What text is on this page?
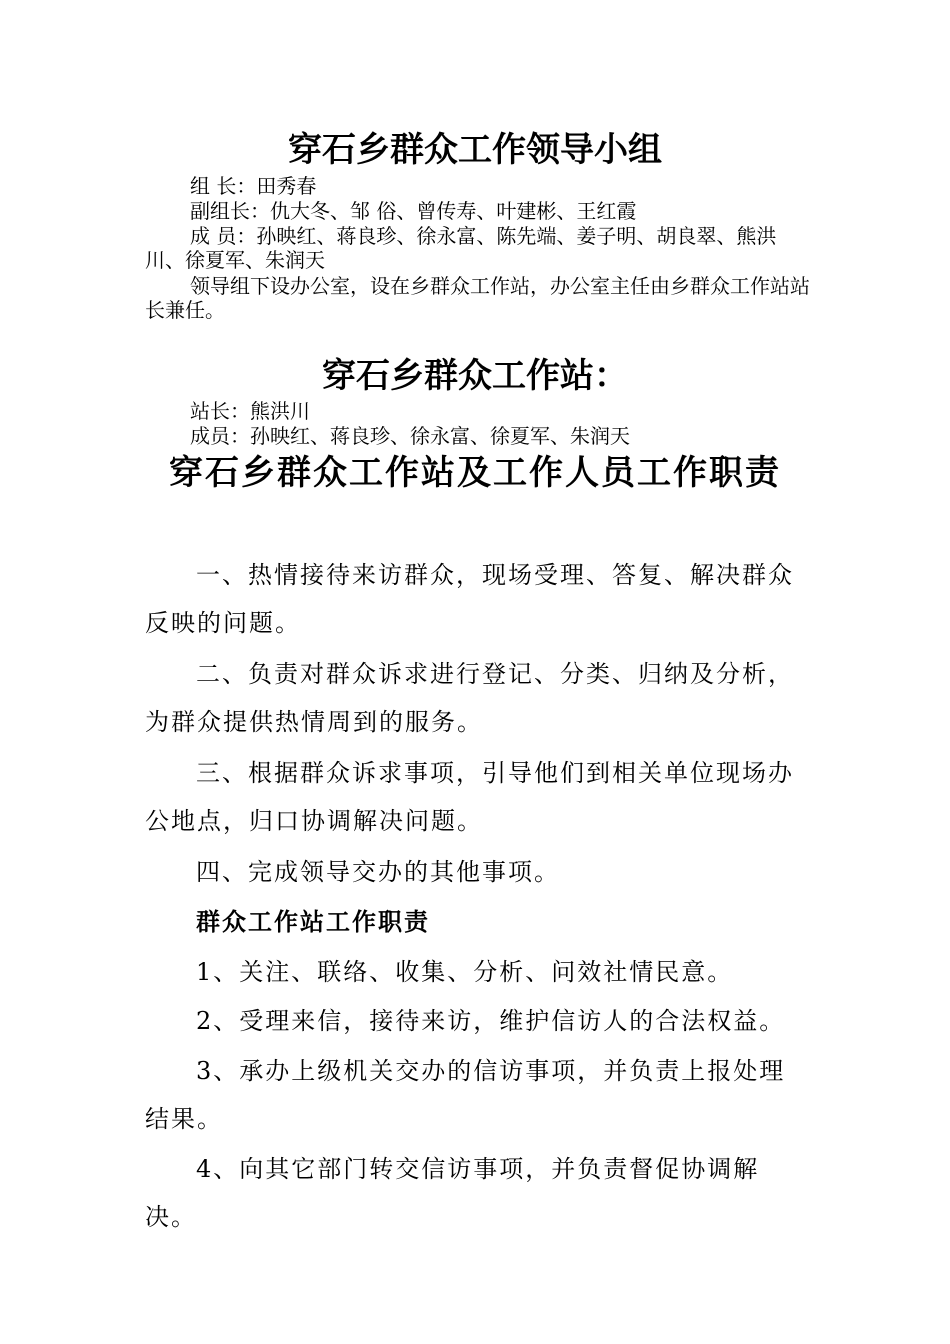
穿石乡群众工作领导小组
组 长：田秀春
副组长：仇大冬、邹 俗、曾传寿、叶建彬、王红霞
成 员：孙映红、蒋良珍、徐永富、陈先端、姜子明、胡良翠、熊洪川、徐夏军、朱润天
领导组下设办公室，设在乡群众工作站，办公室主任由乡群众工作站站长兼任。
穿石乡群众工作站：
站长：熊洪川
成员：孙映红、蒋良珍、徐永富、徐夏军、朱润天
穿石乡群众工作站及工作人员工作职责
一、热情接待来访群众，现场受理、答复、解决群众反映的问题。
二、负责对群众诉求进行登记、分类、归纳及分析，为群众提供热情周到的服务。
三、根据群众诉求事项，引导他们到相关单位现场办公地点，归口协调解决问题。
四、完成领导交办的其他事项。
群众工作站工作职责
1、关注、联络、收集、分析、问效社情民意。
2、受理来信，接待来访，维护信访人的合法权益。
3、承办上级机关交办的信访事项，并负责上报处理结果。
4、向其它部门转交信访事项，并负责督促协调解决。
